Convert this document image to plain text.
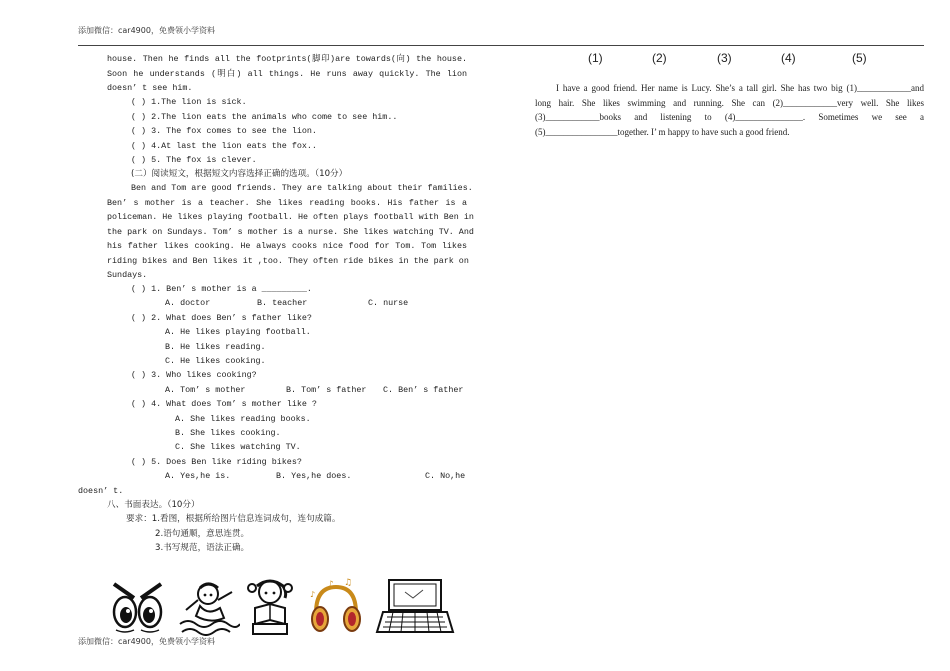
添加微信：car4900，免费领小学资料
添加微信：car4900，免费领小学资料
house. Then he finds all the footprints(脚印)are towards(向) the house.
Soon he understands (明白) all things. He runs away quickly. The lion
doesn’ t see him.
( ) 1.The lion is sick.
( ) 2.The lion eats the animals who come to see him..
( ) 3. The fox comes to see the lion.
( ) 4.At last the lion eats the fox..
( ) 5. The fox is clever.
(二）阅读短文，根据短文内容选择正确的选项。（10分）
Ben and Tom are good friends. They are talking about their families.
Ben’ s mother is a teacher. She likes reading books. His father is a
policeman. He likes playing football. He often plays football with Ben in
the park on Sundays. Tom’ s mother is a nurse. She likes watching TV. And
his father likes cooking. He always cooks nice food for Tom. Tom likes
riding bikes and Ben likes it ,too. They often ride bikes in the park on
Sundays.
( ) 1. Ben’ s mother is a _________.
A. doctor	B. teacher	C. nurse
( ) 2. What does Ben’ s father like?
A. He likes playing football.
B. He likes reading.
C. He likes cooking.
( ) 3. Who likes cooking?
A. Tom’ s mother	B. Tom’ s father C. Ben’ s father
( ) 4. What does Tom’ s mother like ?
A. She likes reading books.
B. She likes cooking.
C. She likes watching TV.
( ) 5. Does Ben like riding bikes?
A. Yes,he is.	B. Yes,he does.	C. No,he
doesn’ t.
八、书面表达。（10分）
要求：1.看图，根据所给图片信息连词成句，连句成篇。
2.语句通顺，意思连贯。
3.书写规范，语法正确。
♪ ♫
♪
(1)	(2)	(3)	(4)	(5)
I have a good friend. Her name is Lucy. She’s a tall girl. She has two big (1)____________and
long hair. She likes swimming and running. She can (2)____________very well. She likes
(3)____________books and listening to (4)_______________. Sometimes we see a
(5)________________together. I’ m happy to have such a good friend.
